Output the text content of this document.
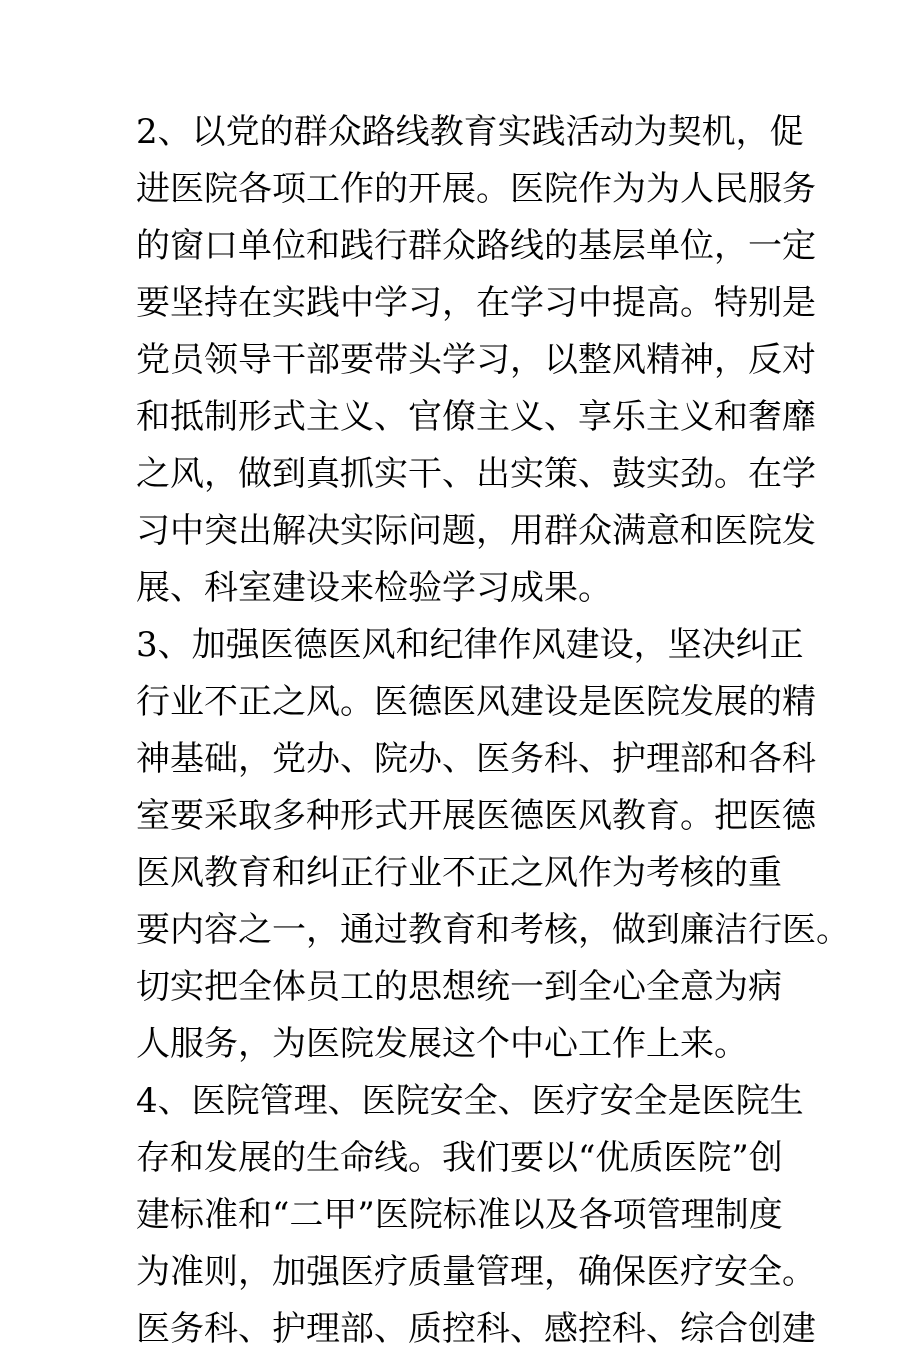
2、以党的群众路线教育实践活动为契机，促
进医院各项工作的开展。医院作为为人民服务
的窗口单位和践行群众路线的基层单位，一定
要坚持在实践中学习，在学习中提高。特别是
党员领导干部要带头学习，以整风精神，反对
和抵制形式主义、官僚主义、享乐主义和奢靡
之风，做到真抓实干、出实策、鼓实劲。在学
习中突出解决实际问题，用群众满意和医院发
展、科室建设来检验学习成果。
3、加强医德医风和纪律作风建设，坚决纠正
行业不正之风。医德医风建设是医院发展的精
神基础，党办、院办、医务科、护理部和各科
室要采取多种形式开展医德医风教育。把医德
医风教育和纠正行业不正之风作为考核的重
要内容之一，通过教育和考核，做到廉洁行医。
切实把全体员工的思想统一到全心全意为病
人服务，为医院发展这个中心工作上来。
4、医院管理、医院安全、医疗安全是医院生
存和发展的生命线。我们要以“优质医院”创
建标准和“二甲”医院标准以及各项管理制度
为准则，加强医疗质量管理，确保医疗安全。
医务科、护理部、质控科、感控科、综合创建
